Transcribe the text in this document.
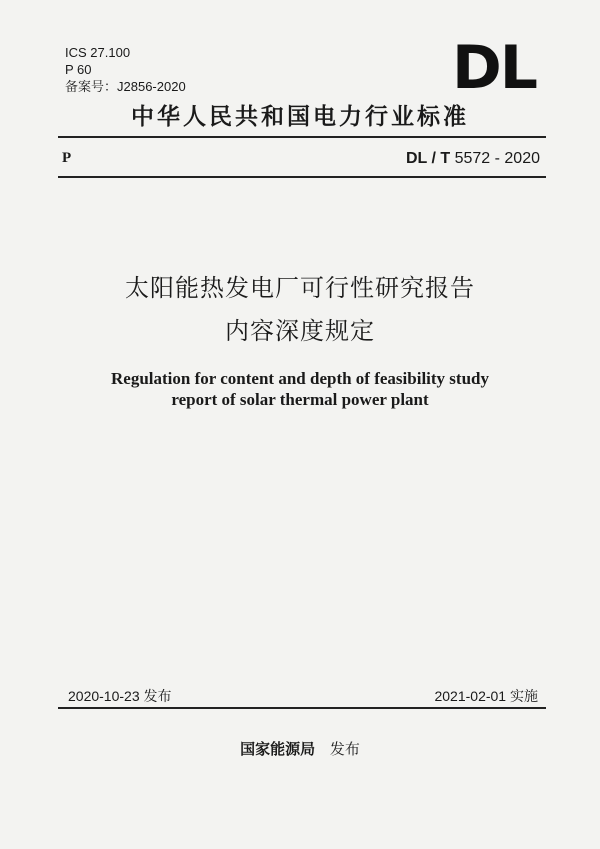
ICS 27.100
P 60
备案号：J2856-2020	DL
中华人民共和国电力行业标准
P	DL / T 5572 - 2020
太阳能热发电厂可行性研究报告
内容深度规定
Regulation for content and depth of feasibility study
report of solar thermal power plant
2020-10-23 发布	2021-02-01 实施
国家能源局 发布
